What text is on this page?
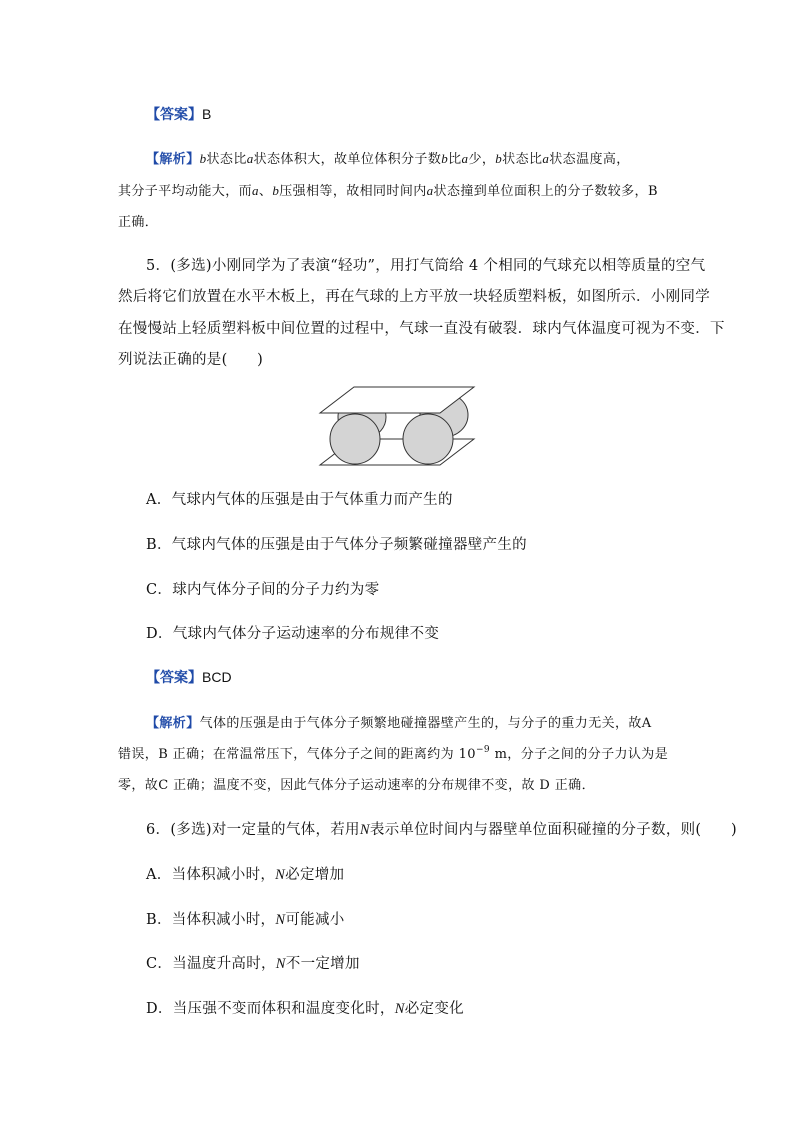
【答案】B
【解析】b状态比a状态体积大，故单位体积分子数b比a少，b状态比a状态温度高，
其分子平均动能大，而a、b压强相等，故相同时间内a状态撞到单位面积上的分子数较多，B
正确．
5．(多选)小刚同学为了表演“轻功”，用打气筒给 4 个相同的气球充以相等质量的空气
然后将它们放置在水平木板上，再在气球的上方平放一块轻质塑料板，如图所示．小刚同学
在慢慢站上轻质塑料板中间位置的过程中，气球一直没有破裂．球内气体温度可视为不变．下
列说法正确的是(　　)
A．气球内气体的压强是由于气体重力而产生的
B．气球内气体的压强是由于气体分子频繁碰撞器壁产生的
C．球内气体分子间的分子力约为零
D．气球内气体分子运动速率的分布规律不变
【答案】BCD
【解析】气体的压强是由于气体分子频繁地碰撞器壁产生的，与分子的重力无关，故A
错误，B 正确；在常温常压下，气体分子之间的距离约为 $10^{-9}$ m，分子之间的分子力认为是
零，故C 正确；温度不变，因此气体分子运动速率的分布规律不变，故 D 正确．
6．(多选)对一定量的气体，若用N表示单位时间内与器壁单位面积碰撞的分子数，则(　　)
A．当体积减小时，N必定增加
B．当体积减小时，N可能减小
C．当温度升高时，N不一定增加
D．当压强不变而体积和温度变化时，N必定变化
